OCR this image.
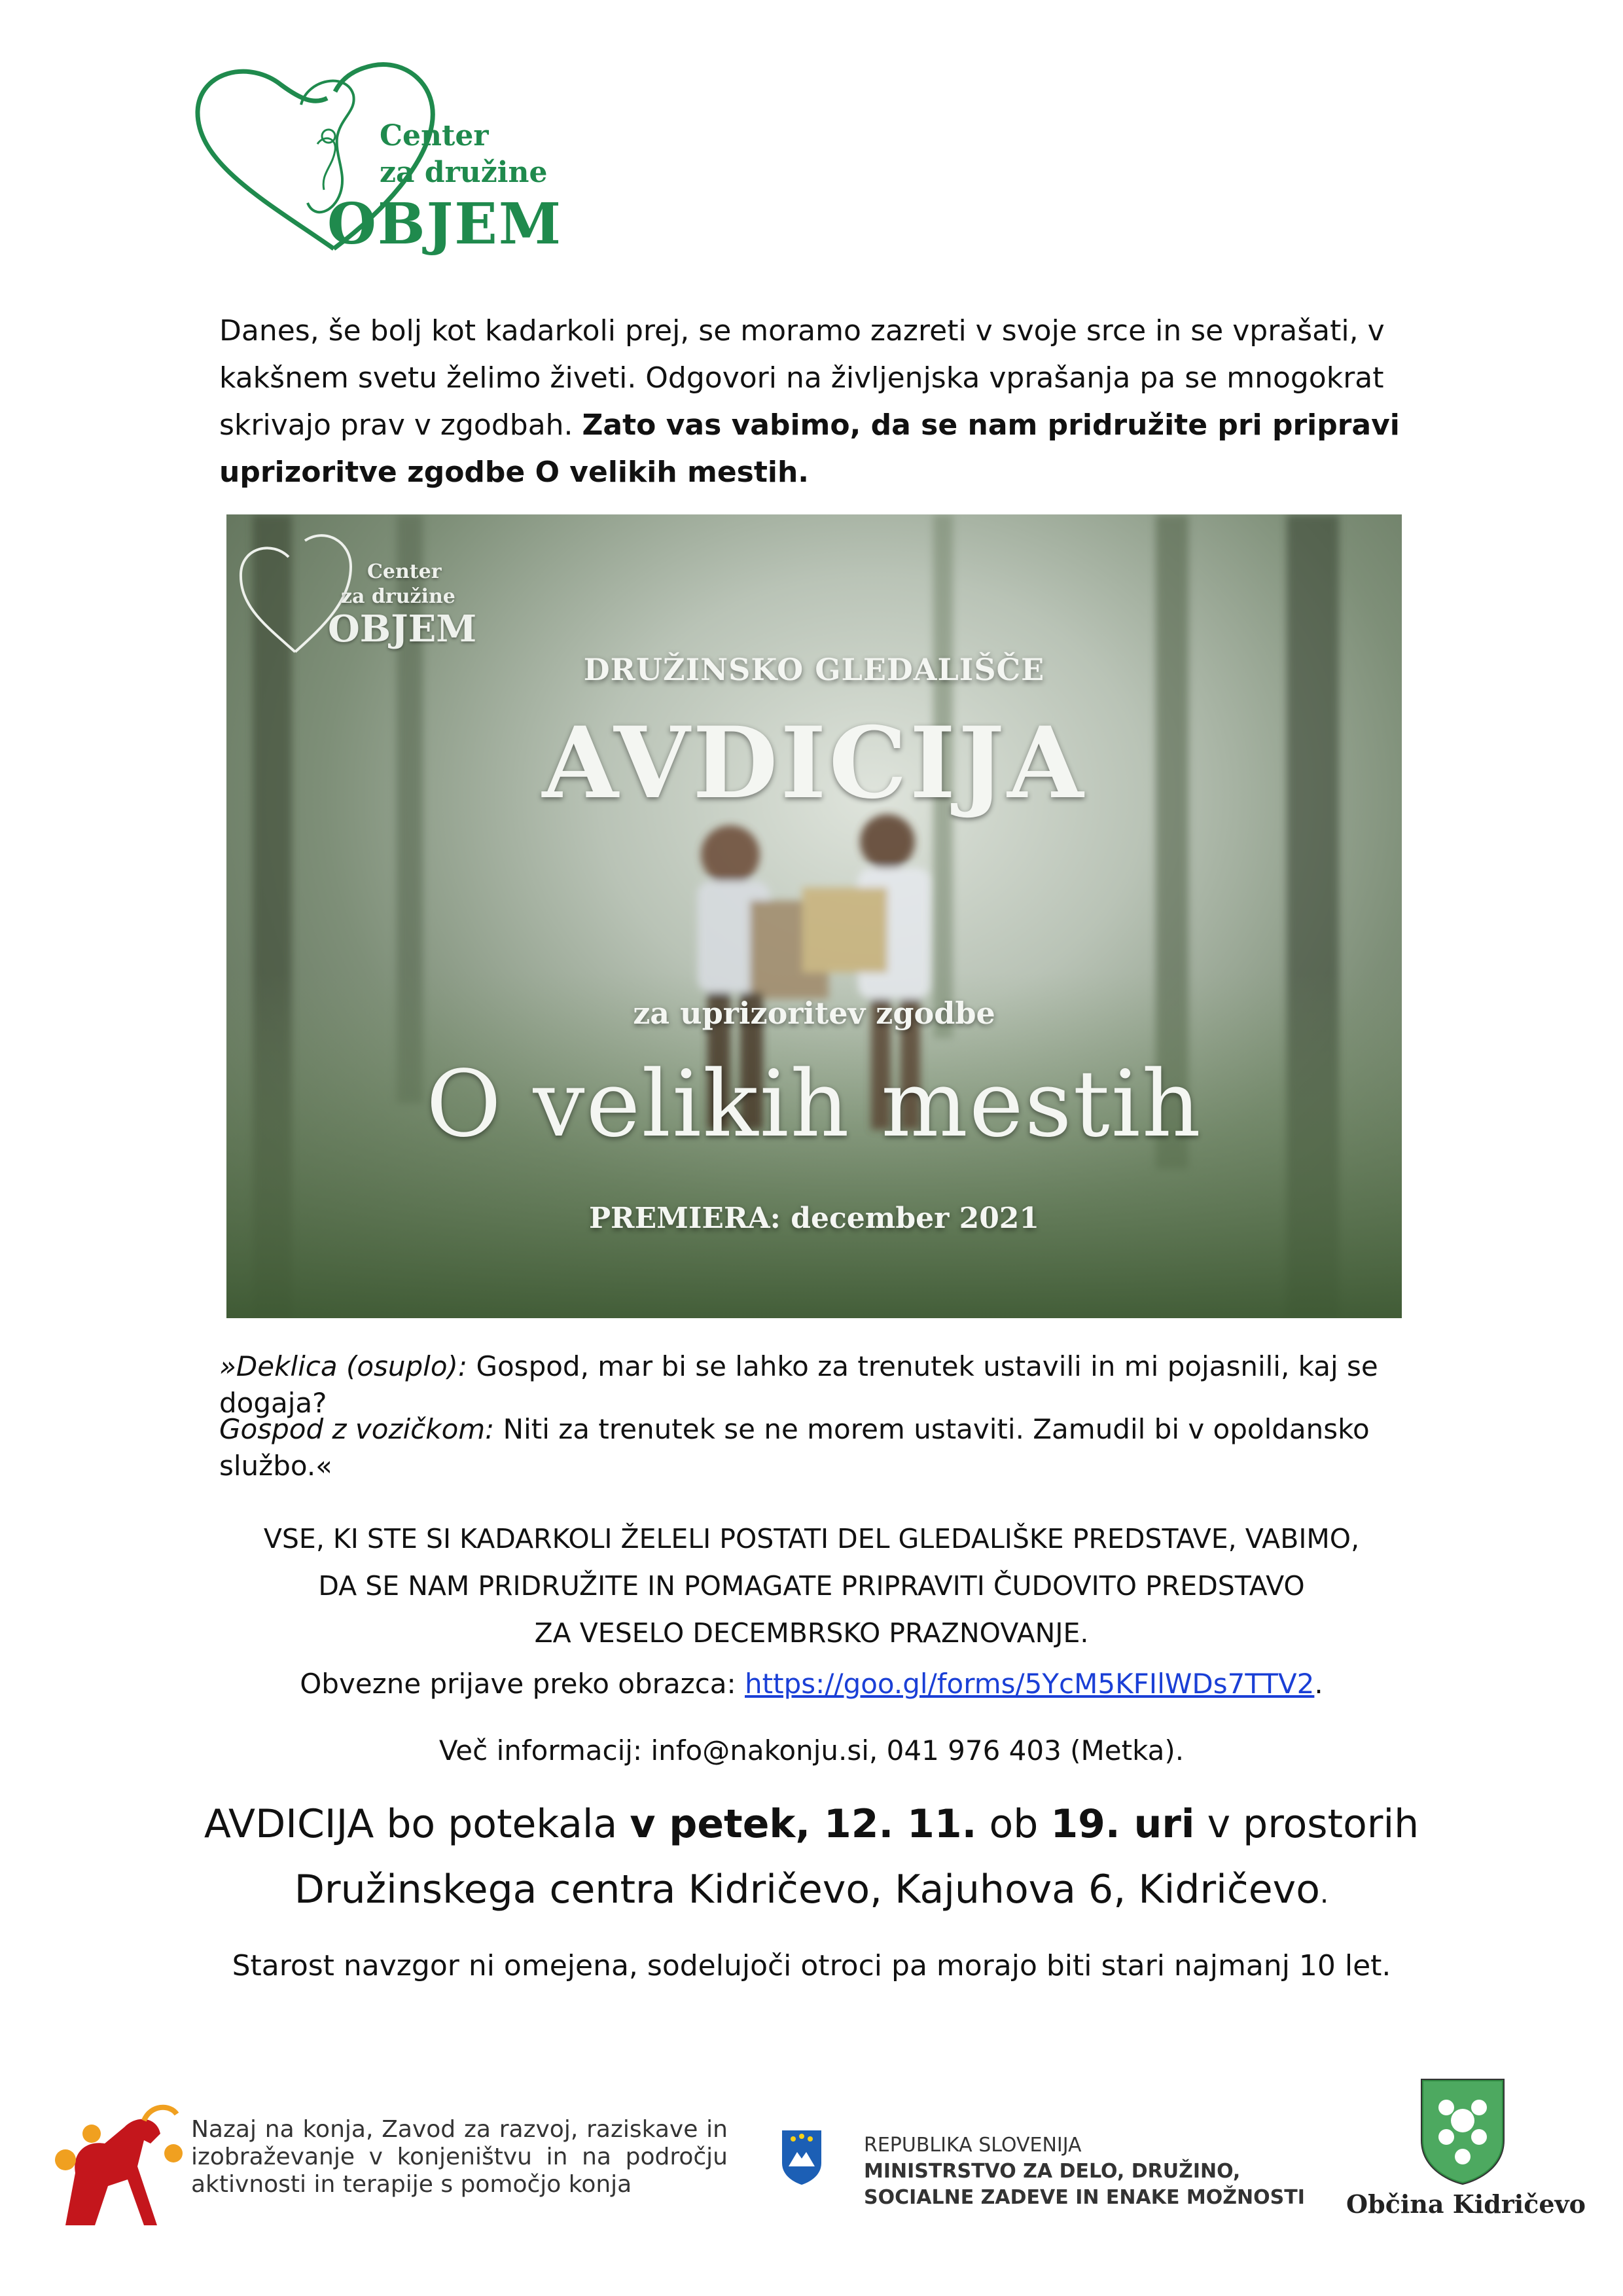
Center
za družine
OBJEM
Danes, še bolj kot kadarkoli prej, se moramo zazreti v svoje srce in se vprašati, v kakšnem svetu želimo živeti. Odgovori na življenjska vprašanja pa se mnogokrat skrivajo prav v zgodbah. Zato vas vabimo, da se nam pridružite pri pripravi uprizoritve zgodbe O velikih mestih.
Center
za družine
OBJEM
DRUŽINSKO GLEDALIŠČE
AVDICIJA
za uprizoritev zgodbe
O velikih mestih
PREMIERA: december 2021
»Deklica (osuplo): Gospod, mar bi se lahko za trenutek ustavili in mi pojasnili, kaj se dogaja?
Gospod z vozičkom: Niti za trenutek se ne morem ustaviti. Zamudil bi v opoldansko službo.«
VSE, KI STE SI KADARKOLI ŽELELI POSTATI DEL GLEDALIŠKE PREDSTAVE, VABIMO,
DA SE NAM PRIDRUŽITE IN POMAGATE PRIPRAVITI ČUDOVITO PREDSTAVO
ZA VESELO DECEMBRSKO PRAZNOVANJE.
Obvezne prijave preko obrazca: https://goo.gl/forms/5YcM5KFIlWDs7TTV2.
Več informacij: info@nakonju.si, 041 976 403 (Metka).
AVDICIJA bo potekala v petek, 12. 11. ob 19. uri v prostorih
Družinskega centra Kidričevo, Kajuhova 6, Kidričevo.
Starost navzgor ni omejena, sodelujoči otroci pa morajo biti stari najmanj 10 let.
Nazaj na konja, Zavod za razvoj, raziskave in izobraževanje v konjeništvu in na področju aktivnosti in terapije s pomočjo konja
REPUBLIKA SLOVENIJA
MINISTRSTVO ZA DELO, DRUŽINO,
SOCIALNE ZADEVE IN ENAKE MOŽNOSTI Občina Kidričevo
